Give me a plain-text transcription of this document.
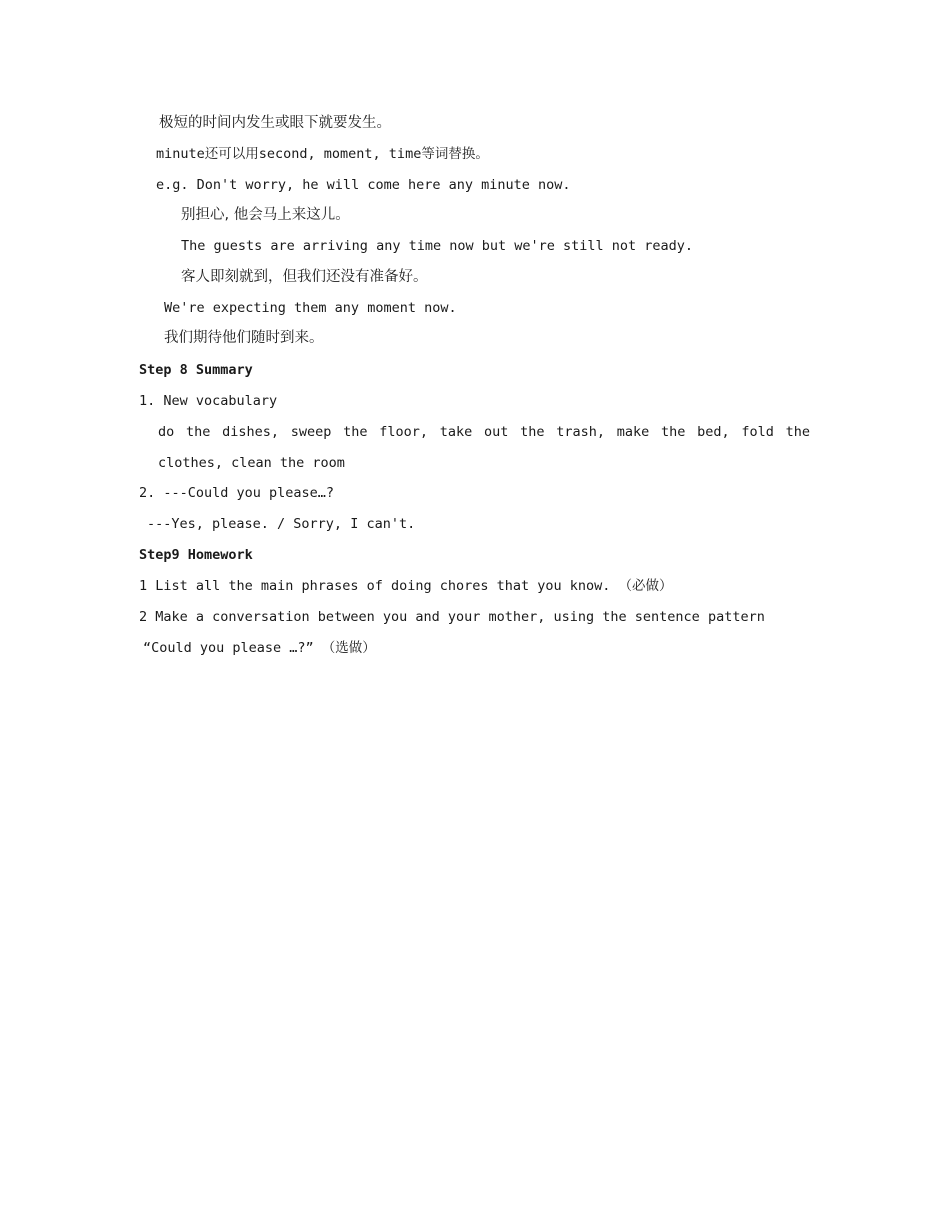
极短的时间内发生或眼下就要发生。
minute还可以用second, moment, time等词替换。
e.g. Don't worry, he will come here any minute now.
别担心, 他会马上来这儿。
The guests are arriving any time now but we're still not ready.
客人即刻就到，但我们还没有准备好。
We're expecting them any moment now.
我们期待他们随时到来。
Step 8 Summary
1. New vocabulary
do the dishes, sweep the floor, take out the trash, make the bed, fold the
clothes, clean the room
2. ---Could you please…?
---Yes, please. / Sorry, I can't.
Step9 Homework
1 List all the main phrases of doing chores that you know. （必做）
2 Make a conversation between you and your mother, using the sentence pattern
“Could you please …?” （选做）
